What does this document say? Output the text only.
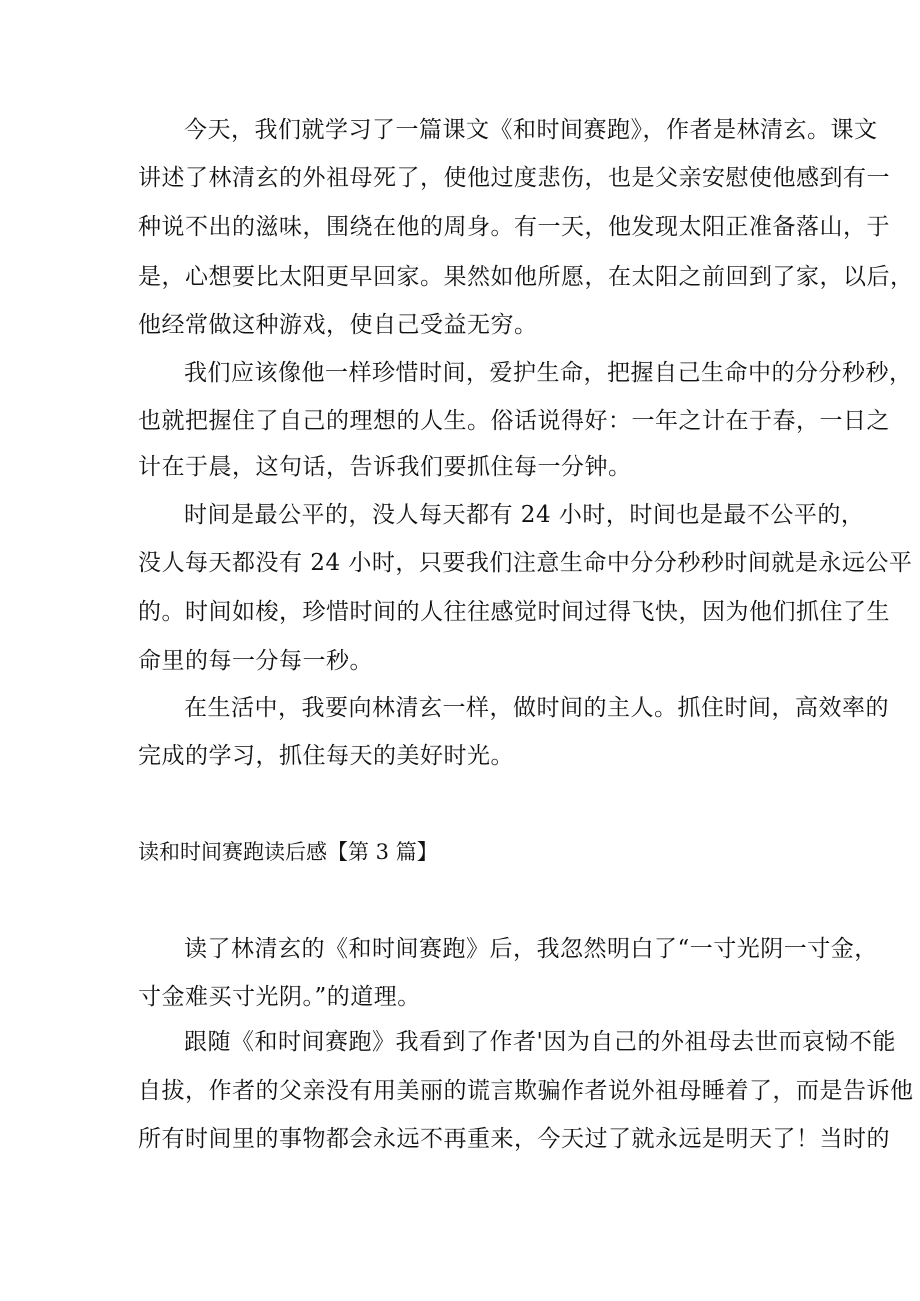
今天，我们就学习了一篇课文《和时间赛跑》，作者是林清玄。课文
讲述了林清玄的外祖母死了，使他过度悲伤，也是父亲安慰使他感到有一
种说不出的滋味，围绕在他的周身。有一天，他发现太阳正准备落山，于
是，心想要比太阳更早回家。果然如他所愿，在太阳之前回到了家，以后，
他经常做这种游戏，使自己受益无穷。
我们应该像他一样珍惜时间，爱护生命，把握自己生命中的分分秒秒，
也就把握住了自己的理想的人生。俗话说得好：一年之计在于春，一日之
计在于晨，这句话，告诉我们要抓住每一分钟。
时间是最公平的，没人每天都有 24 小时，时间也是最不公平的，
没人每天都没有 24 小时，只要我们注意生命中分分秒秒时间就是永远公平
的。时间如梭，珍惜时间的人往往感觉时间过得飞快，因为他们抓住了生
命里的每一分每一秒。
在生活中，我要向林清玄一样，做时间的主人。抓住时间，高效率的
完成的学习，抓住每天的美好时光。
读和时间赛跑读后感【第 3 篇】
读了林清玄的《和时间赛跑》后，我忽然明白了“一寸光阴一寸金，
寸金难买寸光阴。”的道理。
跟随《和时间赛跑》我看到了作者'因为自己的外祖母去世而哀恸不能
自拔，作者的父亲没有用美丽的谎言欺骗作者说外祖母睡着了，而是告诉他
所有时间里的事物都会永远不再重来，今天过了就永远是明天了！当时的
